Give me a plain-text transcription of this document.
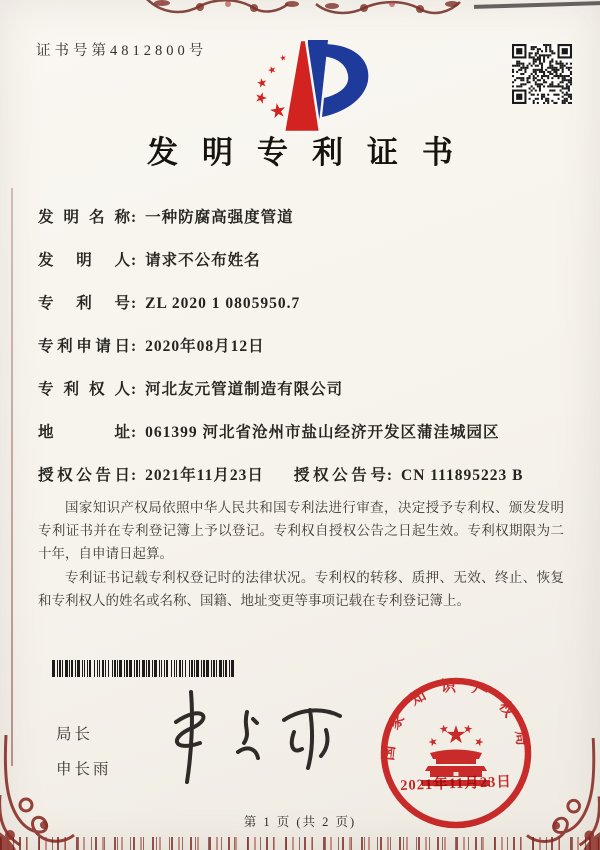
证书号第4812800号
发明专利证书
发明名称 : 一种防腐高强度管道
发明人 : 请求不公布姓名
专利号 : ZL 2020 1 0805950.7
专利申请日 : 2020年08月12日
专利权人 : 河北友元管道制造有限公司
地址 : 061399 河北省沧州市盐山经济开发区蒲洼城园区
授权公告日 : 2021年11月23日 授权公告号 : CN 111895223 B

国家知识产权局依照中华人民共和国专利法进行审查，决定授予专利权、颁发发明专利证书并在专利登记簿上予以登记。专利权自授权公告之日起生效。专利权期限为二十年，自申请日起算。

专利证书记载专利权登记时的法律状况。专利权的转移、质押、无效、终止、恢复和专利权人的姓名或名称、国籍、地址变更等事项记载在专利登记簿上。

局长
申长雨
国家知识产权局
2021年11月23日
第 1 页 (共 2 页)
